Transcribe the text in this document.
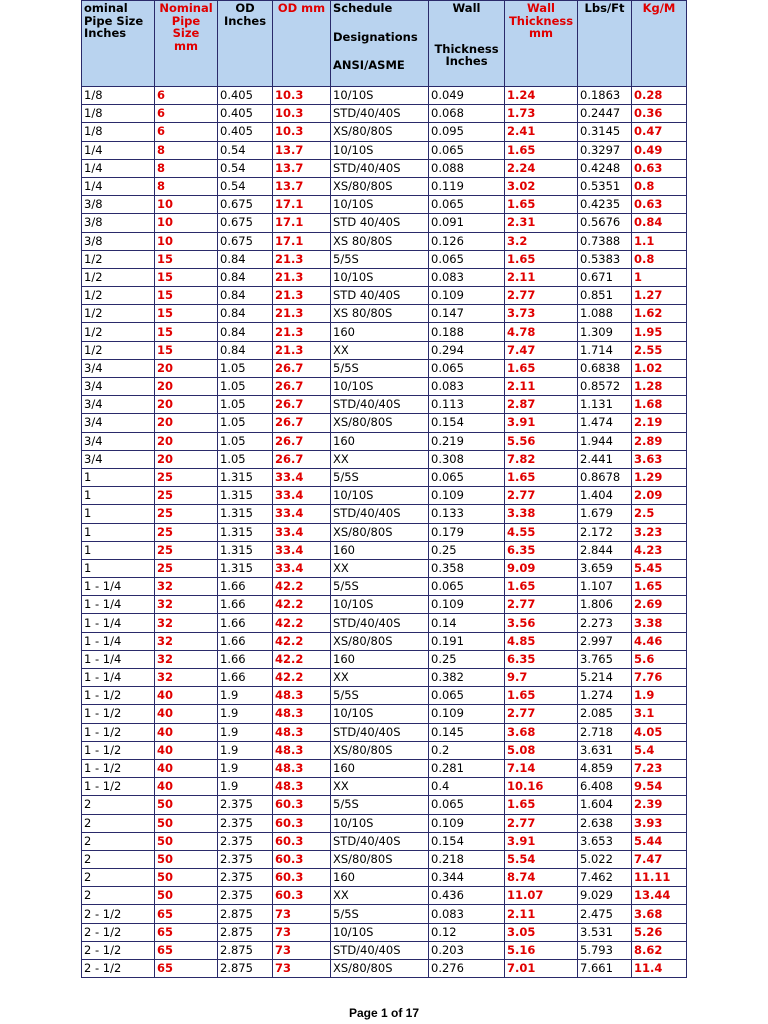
ominal
Pipe Size
Inches	Nominal
Pipe
Size
mm	OD
Inches	OD mm	Schedule
Designations
ANSI/ASME	Wall
Thickness
Inches	Wall
Thickness
mm	Lbs/Ft	Kg/M

1/8	6	0.405	10.3	10/10S	0.049	1.24	0.1863	0.28
1/8	6	0.405	10.3	STD/40/40S	0.068	1.73	0.2447	0.36
1/8	6	0.405	10.3	XS/80/80S	0.095	2.41	0.3145	0.47
1/4	8	0.54	13.7	10/10S	0.065	1.65	0.3297	0.49
1/4	8	0.54	13.7	STD/40/40S	0.088	2.24	0.4248	0.63
1/4	8	0.54	13.7	XS/80/80S	0.119	3.02	0.5351	0.8
3/8	10	0.675	17.1	10/10S	0.065	1.65	0.4235	0.63
3/8	10	0.675	17.1	STD 40/40S	0.091	2.31	0.5676	0.84
3/8	10	0.675	17.1	XS 80/80S	0.126	3.2	0.7388	1.1
1/2	15	0.84	21.3	5/5S	0.065	1.65	0.5383	0.8
1/2	15	0.84	21.3	10/10S	0.083	2.11	0.671	1
1/2	15	0.84	21.3	STD 40/40S	0.109	2.77	0.851	1.27
1/2	15	0.84	21.3	XS 80/80S	0.147	3.73	1.088	1.62
1/2	15	0.84	21.3	160	0.188	4.78	1.309	1.95
1/2	15	0.84	21.3	XX	0.294	7.47	1.714	2.55
3/4	20	1.05	26.7	5/5S	0.065	1.65	0.6838	1.02
3/4	20	1.05	26.7	10/10S	0.083	2.11	0.8572	1.28
3/4	20	1.05	26.7	STD/40/40S	0.113	2.87	1.131	1.68
3/4	20	1.05	26.7	XS/80/80S	0.154	3.91	1.474	2.19
3/4	20	1.05	26.7	160	0.219	5.56	1.944	2.89
3/4	20	1.05	26.7	XX	0.308	7.82	2.441	3.63
1	25	1.315	33.4	5/5S	0.065	1.65	0.8678	1.29
1	25	1.315	33.4	10/10S	0.109	2.77	1.404	2.09
1	25	1.315	33.4	STD/40/40S	0.133	3.38	1.679	2.5
1	25	1.315	33.4	XS/80/80S	0.179	4.55	2.172	3.23
1	25	1.315	33.4	160	0.25	6.35	2.844	4.23
1	25	1.315	33.4	XX	0.358	9.09	3.659	5.45
1 - 1/4	32	1.66	42.2	5/5S	0.065	1.65	1.107	1.65
1 - 1/4	32	1.66	42.2	10/10S	0.109	2.77	1.806	2.69
1 - 1/4	32	1.66	42.2	STD/40/40S	0.14	3.56	2.273	3.38
1 - 1/4	32	1.66	42.2	XS/80/80S	0.191	4.85	2.997	4.46
1 - 1/4	32	1.66	42.2	160	0.25	6.35	3.765	5.6
1 - 1/4	32	1.66	42.2	XX	0.382	9.7	5.214	7.76
1 - 1/2	40	1.9	48.3	5/5S	0.065	1.65	1.274	1.9
1 - 1/2	40	1.9	48.3	10/10S	0.109	2.77	2.085	3.1
1 - 1/2	40	1.9	48.3	STD/40/40S	0.145	3.68	2.718	4.05
1 - 1/2	40	1.9	48.3	XS/80/80S	0.2	5.08	3.631	5.4
1 - 1/2	40	1.9	48.3	160	0.281	7.14	4.859	7.23
1 - 1/2	40	1.9	48.3	XX	0.4	10.16	6.408	9.54
2	50	2.375	60.3	5/5S	0.065	1.65	1.604	2.39
2	50	2.375	60.3	10/10S	0.109	2.77	2.638	3.93
2	50	2.375	60.3	STD/40/40S	0.154	3.91	3.653	5.44
2	50	2.375	60.3	XS/80/80S	0.218	5.54	5.022	7.47
2	50	2.375	60.3	160	0.344	8.74	7.462	11.11
2	50	2.375	60.3	XX	0.436	11.07	9.029	13.44
2 - 1/2	65	2.875	73	5/5S	0.083	2.11	2.475	3.68
2 - 1/2	65	2.875	73	10/10S	0.12	3.05	3.531	5.26
2 - 1/2	65	2.875	73	STD/40/40S	0.203	5.16	5.793	8.62
2 - 1/2	65	2.875	73	XS/80/80S	0.276	7.01	7.661	11.4
Page 1 of 17
